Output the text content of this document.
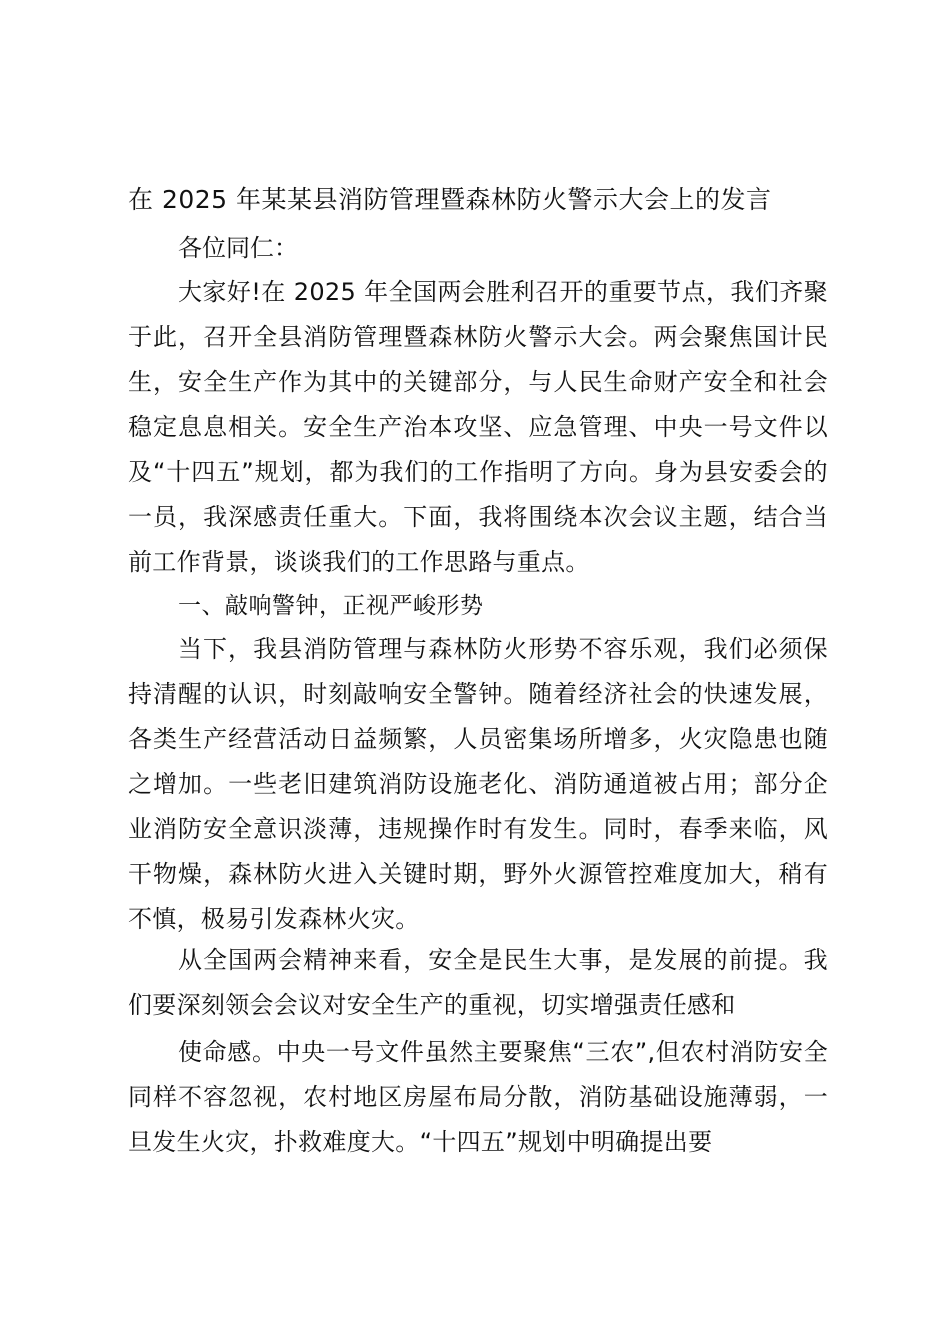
在 2025 年某某县消防管理暨森林防火警示大会上的发言
各位同仁：

大家好!在 2025 年全国两会胜利召开的重要节点，我们齐聚于此，召开全县消防管理暨森林防火警示大会。两会聚焦国计民生，安全生产作为其中的关键部分，与人民生命财产安全和社会稳定息息相关。安全生产治本攻坚、应急管理、中央一号文件以及“十四五”规划，都为我们的工作指明了方向。身为县安委会的一员，我深感责任重大。下面，我将围绕本次会议主题，结合当前工作背景，谈谈我们的工作思路与重点。

一、敲响警钟，正视严峻形势

当下，我县消防管理与森林防火形势不容乐观，我们必须保持清醒的认识，时刻敲响安全警钟。随着经济社会的快速发展，各类生产经营活动日益频繁，人员密集场所增多，火灾隐患也随之增加。一些老旧建筑消防设施老化、消防通道被占用；部分企业消防安全意识淡薄，违规操作时有发生。同时，春季来临，风干物燥，森林防火进入关键时期，野外火源管控难度加大，稍有不慎，极易引发森林火灾。

从全国两会精神来看，安全是民生大事，是发展的前提。我们要深刻领会会议对安全生产的重视，切实增强责任感和

使命感。中央一号文件虽然主要聚焦“三农”,但农村消防安全同样不容忽视，农村地区房屋布局分散，消防基础设施薄弱，一旦发生火灾，扑救难度大。“十四五”规划中明确提出要
